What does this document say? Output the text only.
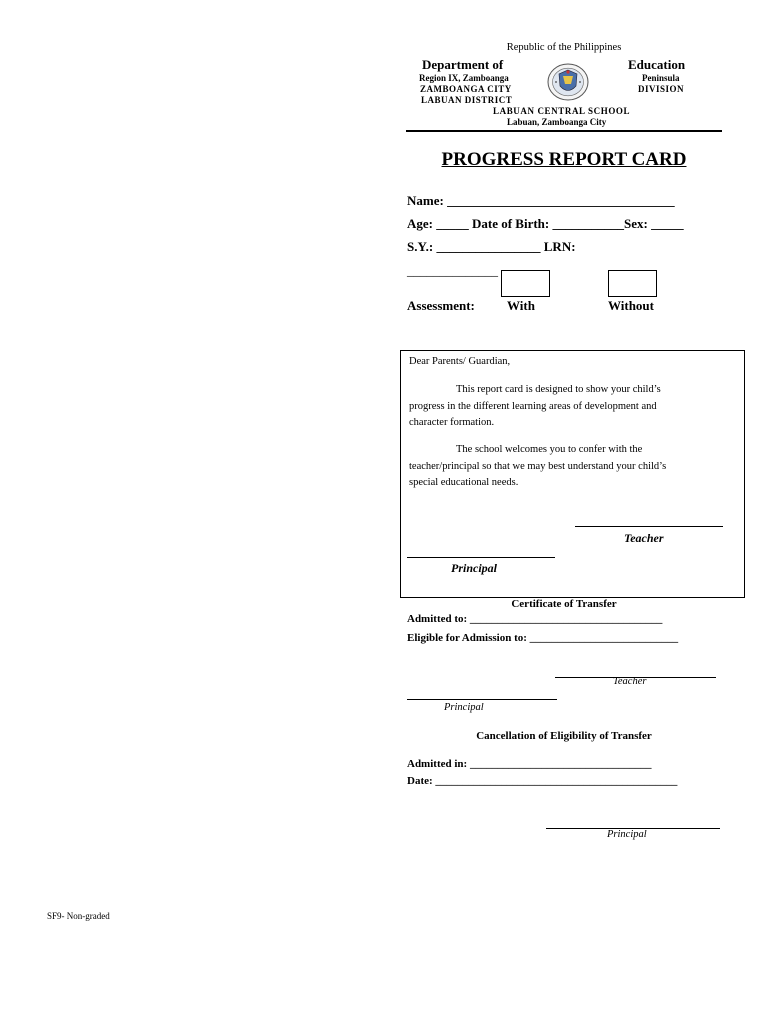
Republic of the Philippines
Department of	Education
Region IX, Zamboanga	Peninsula
ZAMBOANGA CITY	DIVISION
LABUAN DISTRICT
LABUAN CENTRAL SCHOOL
Labuan, Zamboanga City
PROGRESS REPORT CARD
Name: ___________________________________
Age: _____ Date of Birth: ___________Sex: _____
S.Y.: ________________ LRN:
______________
Assessment: With	Without
Dear Parents/ Guardian,
This report card is designed to show your child’s
progress in the different learning areas of development and
character formation.
The school welcomes you to confer with the
teacher/principal so that we may best understand your child’s
special educational needs.
Teacher
Principal
Certificate of Transfer
Admitted to: ___________________________________
Eligible for Admission to: ___________________________
Teacher
Principal
Cancellation of Eligibility of Transfer
Admitted in: _________________________________
Date: ____________________________________________
Principal
SF9- Non-graded
